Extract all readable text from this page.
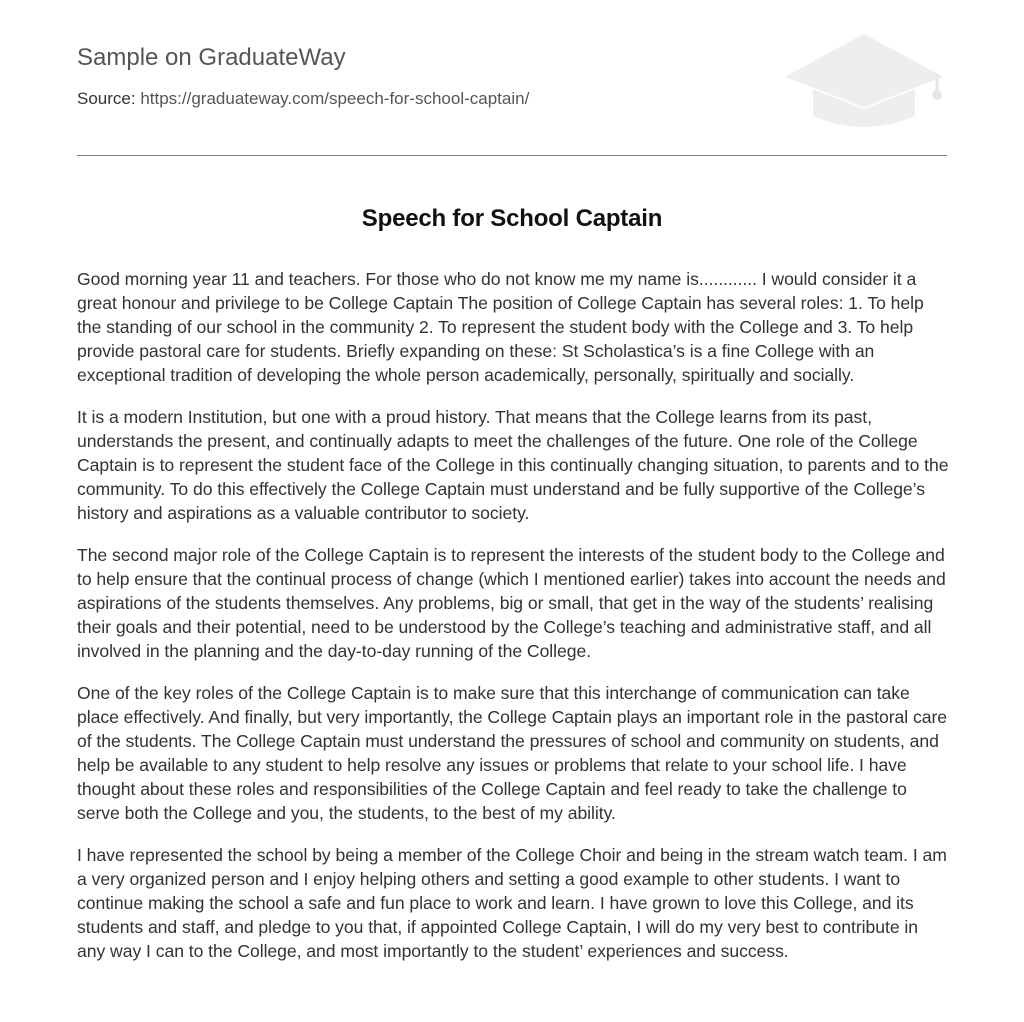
Sample on GraduateWay
Source: https://graduateway.com/speech-for-school-captain/
Speech for School Captain

Good morning year 11 and teachers. For those who do not know me my name is............ I would consider it a great honour and privilege to be College Captain The position of College Captain has several roles: 1. To help the standing of our school in the community 2. To represent the student body with the College and 3. To help provide pastoral care for students. Briefly expanding on these: St Scholastica’s is a fine College with an exceptional tradition of developing the whole person academically, personally, spiritually and socially.

It is a modern Institution, but one with a proud history. That means that the College learns from its past, understands the present, and continually adapts to meet the challenges of the future. One role of the College Captain is to represent the student face of the College in this continually changing situation, to parents and to the community. To do this effectively the College Captain must understand and be fully supportive of the College’s history and aspirations as a valuable contributor to society.

The second major role of the College Captain is to represent the interests of the student body to the College and to help ensure that the continual process of change (which I mentioned earlier) takes into account the needs and aspirations of the students themselves. Any problems, big or small, that get in the way of the students’ realising their goals and their potential, need to be understood by the College’s teaching and administrative staff, and all involved in the planning and the day-to-day running of the College.

One of the key roles of the College Captain is to make sure that this interchange of communication can take place effectively. And finally, but very importantly, the College Captain plays an important role in the pastoral care of the students. The College Captain must understand the pressures of school and community on students, and help be available to any student to help resolve any issues or problems that relate to your school life. I have thought about these roles and responsibilities of the College Captain and feel ready to take the challenge to serve both the College and you, the students, to the best of my ability.

I have represented the school by being a member of the College Choir and being in the stream watch team. I am a very organized person and I enjoy helping others and setting a good example to other students. I want to continue making the school a safe and fun place to work and learn. I have grown to love this College, and its students and staff, and pledge to you that, if appointed College Captain, I will do my very best to contribute in any way I can to the College, and most importantly to the student’ experiences and success.
